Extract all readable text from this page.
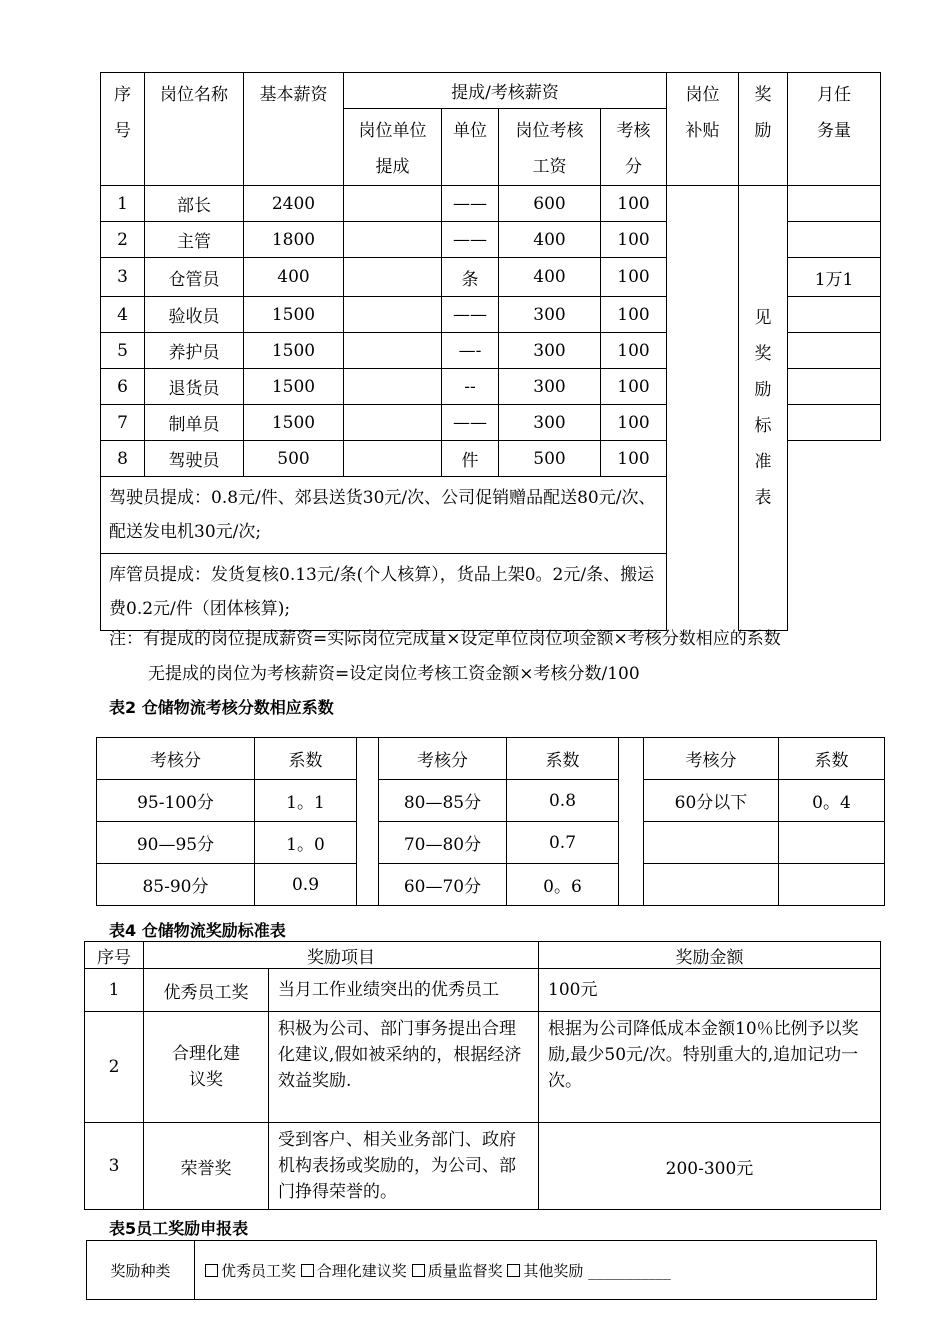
序号	岗位名称	基本薪资	提成/考核薪资				岗位补贴	奖励	月任务量
			岗位单位提成	单位	岗位考核工资	考核分			

1	部长	2400		——	600	100		见奖励标准表	
2	主管	1800		——	400	100			
3	仓管员	400		条	400	100			1万1
4	验收员	1500		——	300	100			
5	养护员	1500		—-	300	100			
6	退货员	1500		--	300	100			
7	制单员	1500		——	300	100			
8	驾驶员	500		件	500	100			
驾驶员提成：0.8元/件、郊县送货30元/次、公司促销赠品配送80元/次、配送发电机30元/次;									
库管员提成：发货复核0.13元/条(个人核算），货品上架0。2元/条、搬运费0.2元/件（团体核算);									
注：有提成的岗位提成薪资=实际岗位完成量×设定单位岗位项金额×考核分数相应的系数
无提成的岗位为考核薪资=设定岗位考核工资金额×考核分数/100
表2 仓储物流考核分数相应系数
考核分	系数		考核分	系数		考核分	系数
95-100分	1。1		80—85分	0.8		60分以下	0。4
90—95分	1。0		70—80分	0.7			
85-90分	0.9		60—70分	0。6			
表4 仓储物流奖励标准表
序号	奖励项目		奖励金额
1	优秀员工奖	当月工作业绩突出的优秀员工	100元
2	合理化建议奖	积极为公司、部门事务提出合理化建议,假如被采纳的，根据经济效益奖励.	根据为公司降低成本金额10％比例予以奖励,最少50元/次。特别重大的,追加记功一次。
3	荣誉奖	受到客户、相关业务部门、政府机构表扬或奖励的，为公司、部门挣得荣誉的。	200-300元
表5员工奖励申报表
奖励种类	优秀员工奖 合理化建议奖 质量监督奖 其他奖励 ___________
